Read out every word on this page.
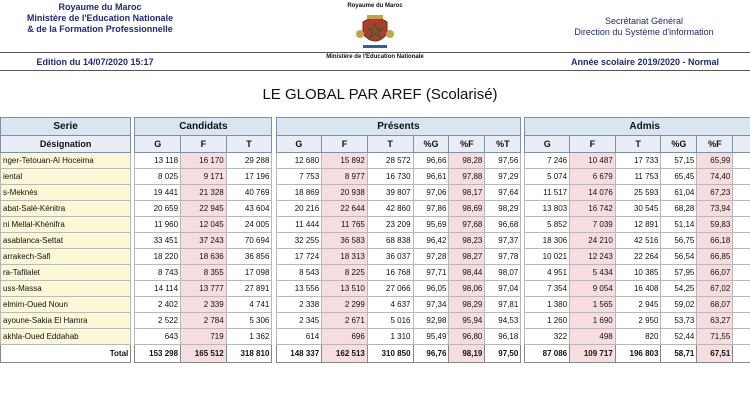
Royaume du Maroc
Ministère de l'Education Nationale
& de la Formation Professionnelle
Royaume du Maroc
Ministère de l'Education Nationale
Secrétariat Général
Direction du Système d'information
Edition du 14/07/2020 15:17	Année scolaire 2019/2020 - Normal
LE GLOBAL PAR AREF (Scolarisé)
Serie		Candidats				Présents							Admis					
Désignation		G	F	T		G	F	T	%G	%F	%T		G	F	T	%G	%F	
nger-Tetouan-Al Hoceima		13 118	16 170	29 288		12 680	15 892	28 572	96,66	98,28	97,56		7 246	10 487	17 733	57,15	65,99	
iental		8 025	9 171	17 196		7 753	8 977	16 730	96,61	97,88	97,29		5 074	6 679	11 753	65,45	74,40	
s-Meknès		19 441	21 328	40 769		18 869	20 938	39 807	97,06	98,17	97,64		11 517	14 076	25 593	61,04	67,23	
abat-Salé-Kénitra		20 659	22 945	43 604		20 216	22 644	42 860	97,86	98,69	98,29		13 803	16 742	30 545	68,28	73,94	
ni Mellal-Khénifra		11 960	12 045	24 005		11 444	11 765	23 209	95,69	97,68	96,68		5 852	7 039	12 891	51,14	59,83	
asablanca-Settat		33 451	37 243	70 694		32 255	36 583	68 838	96,42	98,23	97,37		18 306	24 210	42 516	56,75	66,18	
arrakech-Safi		18 220	18 636	36 856		17 724	18 313	36 037	97,28	98,27	97,78		10 021	12 243	22 264	56,54	66,85	
ra-Tafilalet		8 743	8 355	17 098		8 543	8 225	16 768	97,71	98,44	98,07		4 951	5 434	10 385	57,95	66,07	
uss-Massa		14 114	13 777	27 891		13 556	13 510	27 066	96,05	98,06	97,04		7 354	9 054	16 408	54,25	67,02	
elmim-Oued Noun		2 402	2 339	4 741		2 338	2 299	4 637	97,34	98,29	97,81		1 380	1 565	2 945	59,02	68,07	
ayoune-Sakia El Hamra		2 522	2 784	5 306		2 345	2 671	5 016	92,98	95,94	94,53		1 260	1 690	2 950	53,73	63,27	
akhla-Oued Eddahab		643	719	1 362		614	696	1 310	95,49	96,80	96,18		322	498	820	52,44	71,55	
Total		153 298	165 512	318 810		148 337	162 513	310 850	96,76	98,19	97,50		87 086	109 717	196 803	58,71	67,51	
